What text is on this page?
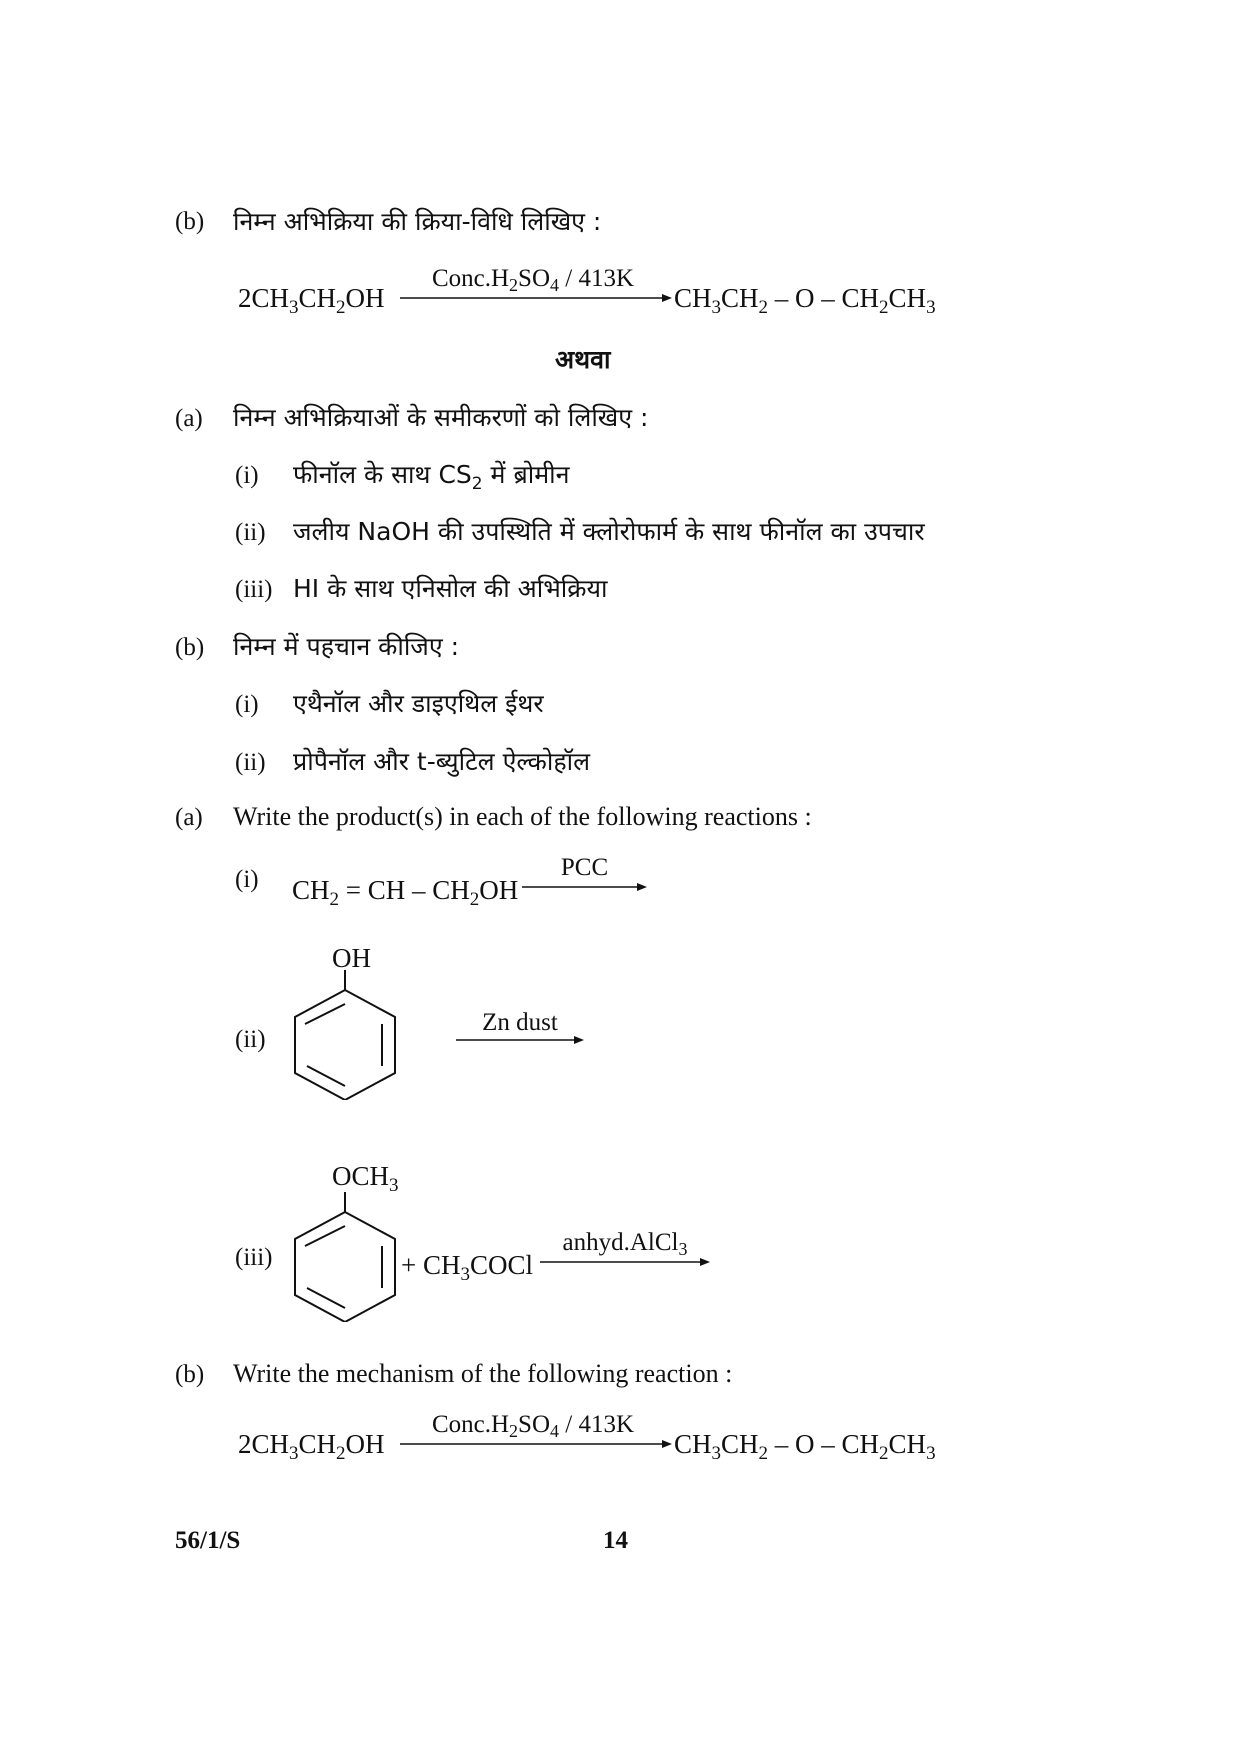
(b) निम्न अभिक्रिया की क्रिया-विधि लिखिए :
$2CH_3CH_2OH$
$Conc.H_2SO_4 / 413K$
$CH_3CH_2$ – O – $CH_2CH_3$
अथवा
(a) निम्न अभिक्रियाओं के समीकरणों को लिखिए :
(i) फीनॉल के साथ $CS_2$ में ब्रोमीन
(ii) जलीय NaOH की उपस्थिति में क्लोरोफार्म के साथ फीनॉल का उपचार
(iii) HI के साथ एनिसोल की अभिक्रिया
(b) निम्न में पहचान कीजिए :
(i) एथैनॉल और डाइएथिल ईथर
(ii) प्रोपैनॉल और t-ब्युटिल ऐल्कोहॉल
(a) Write the product(s) in each of the following reactions :
(i) $CH_2$ = CH – $CH_2OH$
PCC
(ii)
OH
Zn dust
(iii)
$OCH_3$
+ $CH_3COCl$
anhyd.AlCl$_3$
(b) Write the mechanism of the following reaction :
$2CH_3CH_2OH$
$Conc.H_2SO_4 / 413K$
$CH_3CH_2$ – O – $CH_2CH_3$
56/1/S	14
